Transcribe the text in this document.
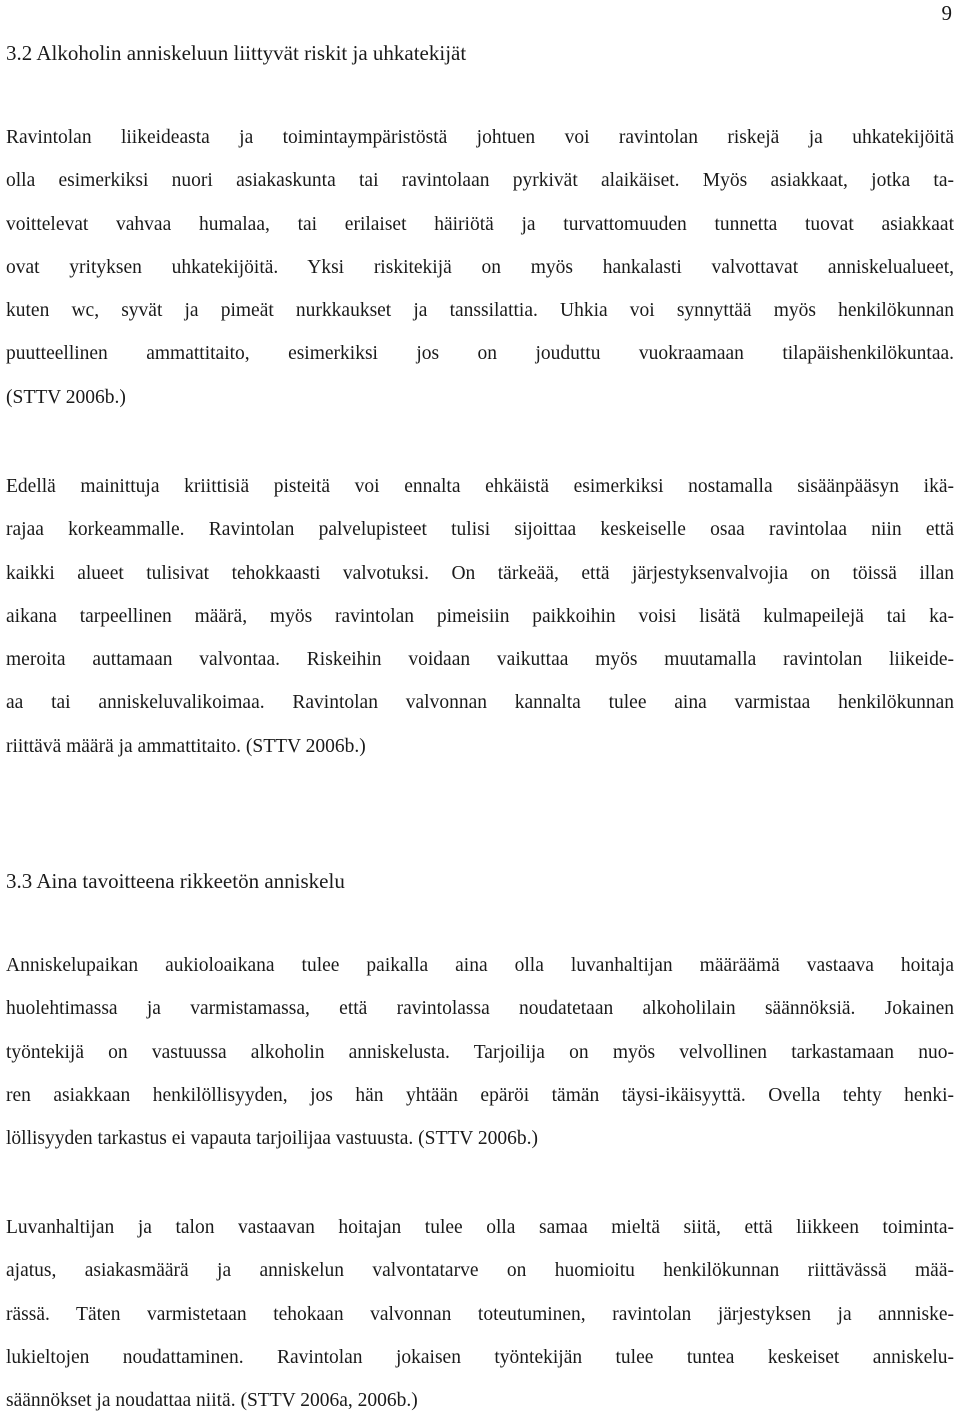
9
3.2 Alkoholin anniskeluun liittyvät riskit ja uhkatekijät
Ravintolan liikeideasta ja toimintaympäristöstä johtuen voi ravintolan riskejä ja uhkatekijöitä
olla esimerkiksi nuori asiakaskunta tai ravintolaan pyrkivät alaikäiset. Myös asiakkaat, jotka ta-
voittelevat vahvaa humalaa, tai erilaiset häiriötä ja turvattomuuden tunnetta tuovat asiakkaat
ovat yrityksen uhkatekijöitä. Yksi riskitekijä on myös hankalasti valvottavat anniskelualueet,
kuten wc, syvät ja pimeät nurkkaukset ja tanssilattia. Uhkia voi synnyttää myös henkilökunnan
puutteellinen ammattitaito, esimerkiksi jos on jouduttu vuokraamaan tilapäishenkilökuntaa.
(STTV 2006b.)
Edellä mainittuja kriittisiä pisteitä voi ennalta ehkäistä esimerkiksi nostamalla sisäänpääsyn ikä-
rajaa korkeammalle. Ravintolan palvelupisteet tulisi sijoittaa keskeiselle osaa ravintolaa niin että
kaikki alueet tulisivat tehokkaasti valvotuksi. On tärkeää, että järjestyksenvalvojia on töissä illan
aikana tarpeellinen määrä, myös ravintolan pimeisiin paikkoihin voisi lisätä kulmapeilejä tai ka-
meroita auttamaan valvontaa. Riskeihin voidaan vaikuttaa myös muutamalla ravintolan liikeide-
aa tai anniskeluvalikoimaa. Ravintolan valvonnan kannalta tulee aina varmistaa henkilökunnan
riittävä määrä ja ammattitaito. (STTV 2006b.)
3.3 Aina tavoitteena rikkeetön anniskelu
Anniskelupaikan aukioloaikana tulee paikalla aina olla luvanhaltijan määräämä vastaava hoitaja
huolehtimassa ja varmistamassa, että ravintolassa noudatetaan alkoholilain säännöksiä. Jokainen
työntekijä on vastuussa alkoholin anniskelusta. Tarjoilija on myös velvollinen tarkastamaan nuo-
ren asiakkaan henkilöllisyyden, jos hän yhtään epäröi tämän täysi-ikäisyyttä. Ovella tehty henki-
löllisyyden tarkastus ei vapauta tarjoilijaa vastuusta. (STTV 2006b.)
Luvanhaltijan ja talon vastaavan hoitajan tulee olla samaa mieltä siitä, että liikkeen toiminta-
ajatus, asiakasmäärä ja anniskelun valvontatarve on huomioitu henkilökunnan riittävässä mää-
rässä. Täten varmistetaan tehokaan valvonnan toteutuminen, ravintolan järjestyksen ja annniske-
lukieltojen noudattaminen. Ravintolan jokaisen työntekijän tulee tuntea keskeiset anniskelu-
säännökset ja noudattaa niitä. (STTV 2006a, 2006b.)
